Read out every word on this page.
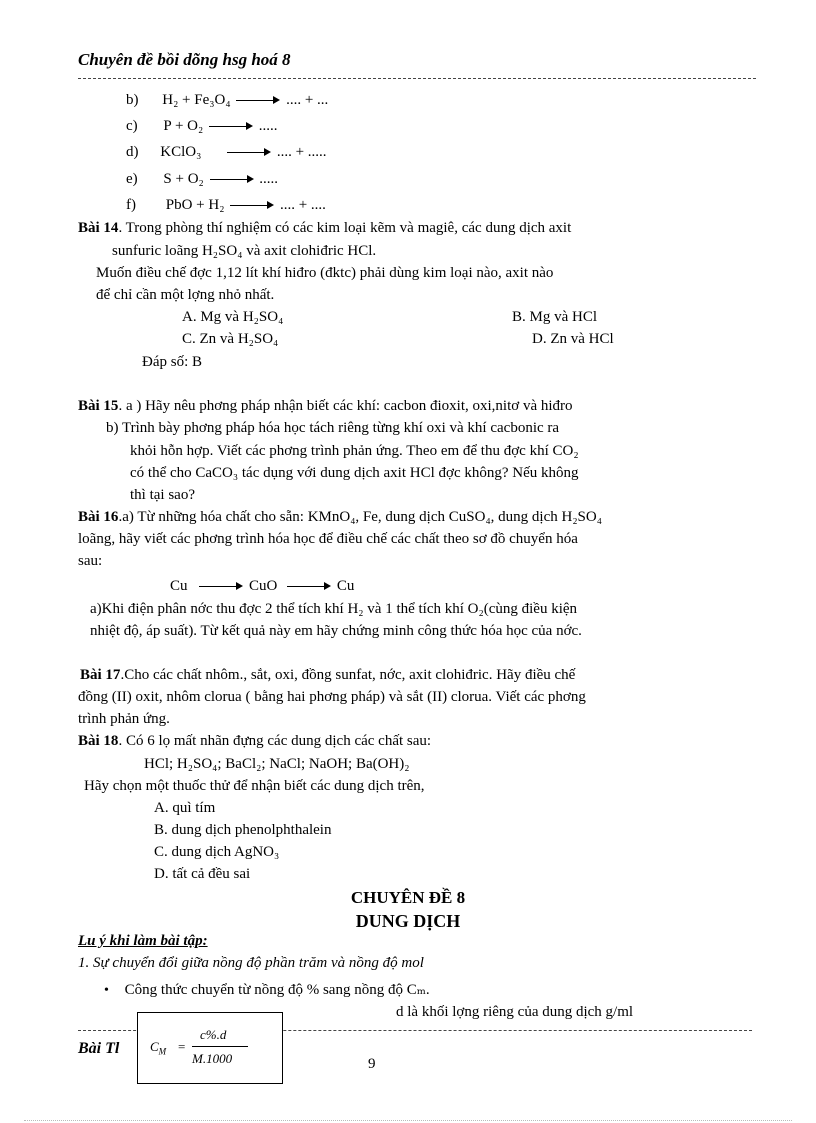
Chuyên đề bồi dõng hsg hoá 8
b) H₂ + Fe₃O₄	.... + ...
c) P + O₂	.....
d) KClO₃	.... + .....
e) S + O₂	.....
f) PbO + H₂	.... + ....
Bài 14. Trong phòng thí nghiệm có các kim loại kẽm và magiê, các dung dịch axit
sunfuric loãng H₂SO₄ và axit clohiđric HCl.
Muốn điều chế đợc 1,12 lít khí hiđro (đktc) phải dùng kim loại nào, axit nào
để chỉ cần một lợng nhỏ nhất.
A. Mg và H₂SO₄	B. Mg và HCl
C. Zn và H₂SO₄	D. Zn và HCl
Đáp số: B
Bài 15. a ) Hãy nêu phơng pháp nhận biết các khí: cacbon đioxit, oxi,nitơ và hiđro
b) Trình bày phơng pháp hóa học tách riêng từng khí oxi và khí cacbonic ra
khỏi hỗn hợp. Viết các phơng trình phản ứng. Theo em để thu đợc khí CO₂
có thể cho CaCO₃ tác dụng với dung dịch axit HCl đợc không? Nếu không
thì tại sao?
Bài 16.a) Từ những hóa chất cho sẵn: KMnO₄, Fe, dung dịch CuSO₄, dung dịch H₂SO₄
loãng, hãy viết các phơng trình hóa học để điều chế các chất theo sơ đồ chuyển hóa
sau:
Cu	CuO	Cu
a)Khi điện phân nớc thu đợc 2 thể tích khí H₂ và 1 thể tích khí O₂(cùng điều kiện
nhiệt độ, áp suất). Từ kết quả này em hãy chứng minh công thức hóa học của nớc.
Bài 17.Cho các chất nhôm., sắt, oxi, đồng sunfat, nớc, axit clohiđric. Hãy điều chế
đồng (II) oxit, nhôm clorua ( bằng hai phơng pháp) và sắt (II) clorua. Viết các phơng
trình phản ứng.
Bài 18. Có 6 lọ mất nhãn đựng các dung dịch các chất sau:
HCl; H₂SO₄; BaCl₂; NaCl; NaOH; Ba(OH)₂
Hãy chọn một thuốc thử để nhận biết các dung dịch trên,
A. quì tím
B. dung dịch phenolphthalein
C. dung dịch AgNO₃
D. tất cả đều sai
CHUYÊN ĐỀ 8
DUNG DỊCH
Lu ý khi làm bài tập:
1. Sự chuyển đổi giữa nồng độ phần trăm và nồng độ mol
• Công thức chuyển từ nồng độ % sang nồng độ Cₘ.
d là khối lợng riêng của dung dịch g/ml
Bài Tl $C_M$ =
c%.d
M.1000	9
